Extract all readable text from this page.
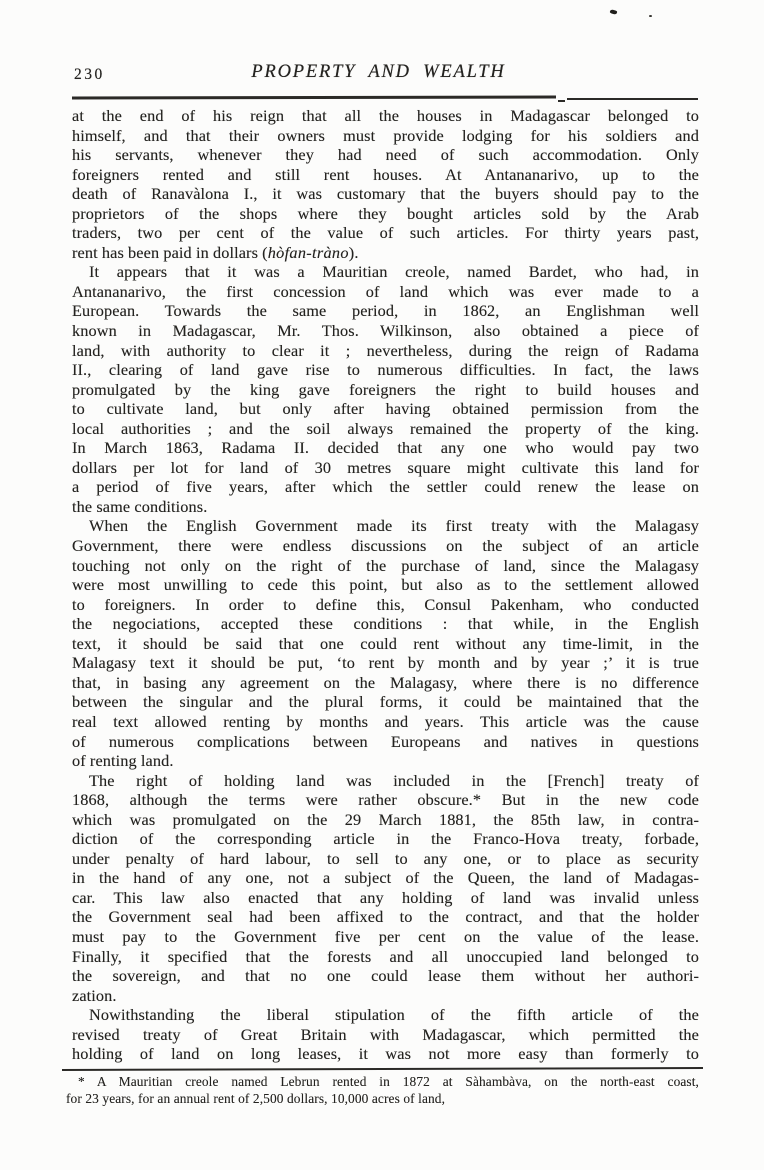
230	PROPERTY AND WEALTH
at the end of his reign that all the houses in Madagascar belonged to
himself, and that their owners must provide lodging for his soldiers and
his servants, whenever they had need of such accommodation. Only
foreigners rented and still rent houses. At Antananarivo, up to the
death of Ranavàlona I., it was customary that the buyers should pay to the
proprietors of the shops where they bought articles sold by the Arab
traders, two per cent of the value of such articles. For thirty years past,
rent has been paid in dollars (hòfan-tràno).
It appears that it was a Mauritian creole, named Bardet, who had, in
Antananarivo, the first concession of land which was ever made to a
European. Towards the same period, in 1862, an Englishman well
known in Madagascar, Mr. Thos. Wilkinson, also obtained a piece of
land, with authority to clear it ; nevertheless, during the reign of Radama
II., clearing of land gave rise to numerous difficulties. In fact, the laws
promulgated by the king gave foreigners the right to build houses and
to cultivate land, but only after having obtained permission from the
local authorities ; and the soil always remained the property of the king.
In March 1863, Radama II. decided that any one who would pay two
dollars per lot for land of 30 metres square might cultivate this land for
a period of five years, after which the settler could renew the lease on
the same conditions.
When the English Government made its first treaty with the Malagasy
Government, there were endless discussions on the subject of an article
touching not only on the right of the purchase of land, since the Malagasy
were most unwilling to cede this point, but also as to the settlement allowed
to foreigners. In order to define this, Consul Pakenham, who conducted
the negociations, accepted these conditions : that while, in the English
text, it should be said that one could rent without any time-limit, in the
Malagasy text it should be put, ‘to rent by month and by year ;’ it is true
that, in basing any agreement on the Malagasy, where there is no difference
between the singular and the plural forms, it could be maintained that the
real text allowed renting by months and years. This article was the cause
of numerous complications between Europeans and natives in questions
of renting land.
The right of holding land was included in the [French] treaty of
1868, although the terms were rather obscure.* But in the new code
which was promulgated on the 29 March 1881, the 85th law, in contra-
diction of the corresponding article in the Franco-Hova treaty, forbade,
under penalty of hard labour, to sell to any one, or to place as security
in the hand of any one, not a subject of the Queen, the land of Madagas-
car. This law also enacted that any holding of land was invalid unless
the Government seal had been affixed to the contract, and that the holder
must pay to the Government five per cent on the value of the lease.
Finally, it specified that the forests and all unoccupied land belonged to
the sovereign, and that no one could lease them without her authori-
zation.
Nowithstanding the liberal stipulation of the fifth article of the
revised treaty of Great Britain with Madagascar, which permitted the
holding of land on long leases, it was not more easy than formerly to
* A Mauritian creole named Lebrun rented in 1872 at Sàhambàva, on the north-east coast,
for 23 years, for an annual rent of 2,500 dollars, 10,000 acres of land,
